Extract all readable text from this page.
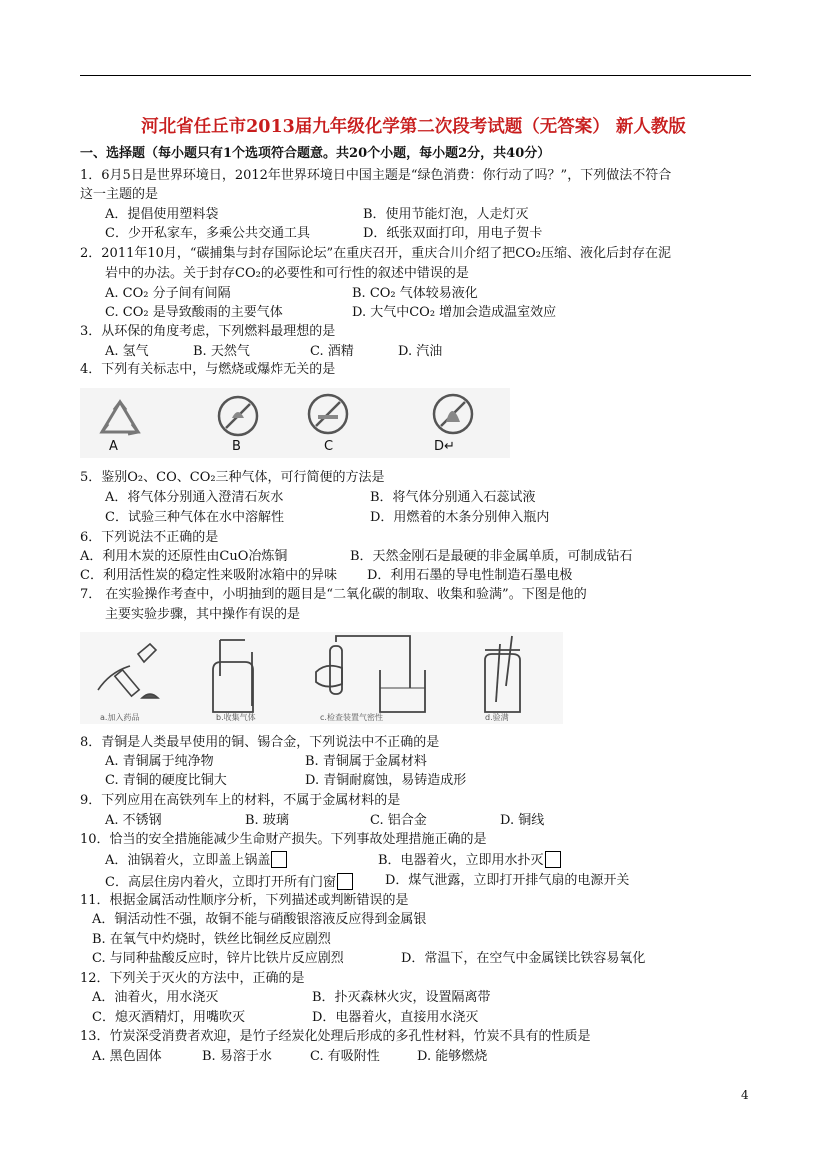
河北省任丘市2013届九年级化学第二次段考试题（无答案） 新人教版
一、选择题（每小题只有1个选项符合题意。共20个小题，每小题2分，共40分）
1．6月5日是世界环境日，2012年世界环境日中国主题是“绿色消费：你行动了吗？”，下列做法不符合
这一主题的是
A．提倡使用塑料袋	B．使用节能灯泡，人走灯灭
C．少开私家车，多乘公共交通工具	D．纸张双面打印，用电子贺卡
2．2011年10月，“碳捕集与封存国际论坛”在重庆召开，重庆合川介绍了把CO₂压缩、液化后封存在泥
岩中的办法。关于封存CO₂的必要性和可行性的叙述中错误的是
A. CO₂ 分子间有间隔	B. CO₂ 气体较易液化
C. CO₂ 是导致酸雨的主要气体	D. 大气中CO₂ 增加会造成温室效应
3．从环保的角度考虑，下列燃料最理想的是
A. 氢气	B. 天然气	C. 酒精	D. 汽油
4．下列有关标志中，与燃烧或爆炸无关的是
A	B	C	D↵
5．鉴别O₂、CO、CO₂三种气体，可行简便的方法是
A．将气体分别通入澄清石灰水	B．将气体分别通入石蕊试液
C．试验三种气体在水中溶解性	D．用燃着的木条分别伸入瓶内
6．下列说法不正确的是
A．利用木炭的还原性由CuO冶炼铜	B．天然金刚石是最硬的非金属单质，可制成钻石
C．利用活性炭的稳定性来吸附冰箱中的异味 D．利用石墨的导电性制造石墨电极
7． 在实验操作考查中，小明抽到的题目是“二氧化碳的制取、收集和验满”。下图是他的
主要实验步骤，其中操作有误的是
a.加入药品	b.收集气体	c.检查装置气密性	d.验满
8．青铜是人类最早使用的铜、锡合金，下列说法中不正确的是
A. 青铜属于纯净物	B. 青铜属于金属材料
C. 青铜的硬度比铜大	D. 青铜耐腐蚀，易铸造成形
9．下列应用在高铁列车上的材料，不属于金属材料的是
A. 不锈钢	B. 玻璃	C. 铝合金	D. 铜线
10．恰当的安全措施能减少生命财产损失。下列事故处理措施正确的是
A．油锅着火，立即盖上锅盖	B．电器着火，立即用水扑灭
C．高层住房内着火，立即打开所有门窗	D．煤气泄露，立即打开排气扇的电源开关
11．根据金属活动性顺序分析，下列描述或判断错误的是
A．铜活动性不强，故铜不能与硝酸银溶液反应得到金属银
B. 在氧气中灼烧时，铁丝比铜丝反应剧烈
C. 与同种盐酸反应时，锌片比铁片反应剧烈	D．常温下，在空气中金属镁比铁容易氧化
12．下列关于灭火的方法中，正确的是
A．油着火，用水浇灭	B．扑灭森林火灾，设置隔离带
C．熄灭酒精灯，用嘴吹灭	D．电器着火，直接用水浇灭
13．竹炭深受消费者欢迎，是竹子经炭化处理后形成的多孔性材料，竹炭不具有的性质是
A. 黑色固体	B. 易溶于水	C. 有吸附性	D. 能够燃烧
4
